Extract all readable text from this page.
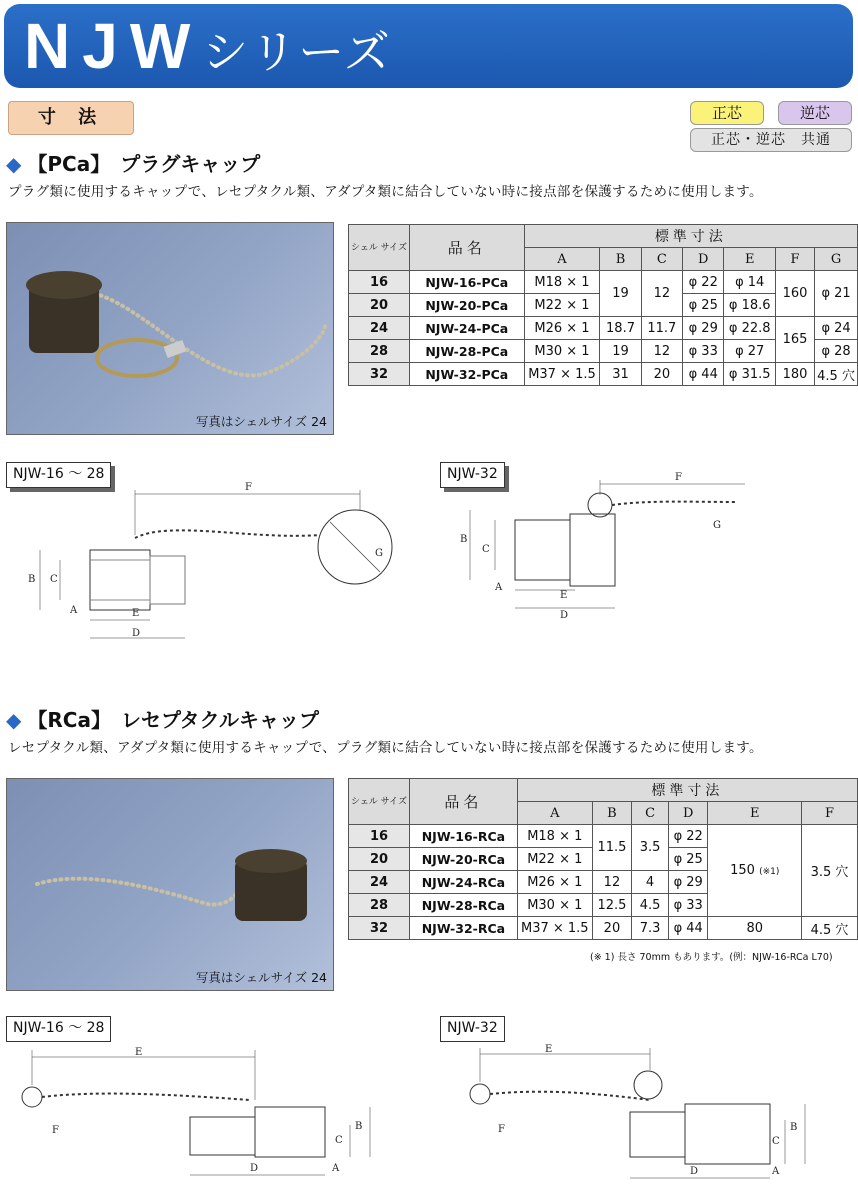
NJWシリーズ
寸 法	正芯	逆芯
正芯・逆芯　共通
◆ 【PCa】　プラグキャップ
プラグ類に使用するキャップで、レセプタクル類、アダプタ類に結合していない時に接点部を保護するために使用します。
写真はシェルサイズ 24
シェル サイズ	品名	標準寸法						
		A	B	C	D	E	F	G
16	NJW-16-PCa	M18 × 1	19	12	φ 22	φ 14	160	φ 21
20	NJW-20-PCa	M22 × 1			φ 25	φ 18.6		
24	NJW-24-PCa	M26 × 1	18.7	11.7	φ 29	φ 22.8	165	φ 24
28	NJW-28-PCa	M30 × 1	19	12	φ 33	φ 27		φ 28
32	NJW-32-PCa	M37 × 1.5	31	20	φ 44	φ 31.5	180	4.5 穴
NJW-16 ～ 28	NJW-32
F
B C
A	E
D
G
F
B
C
A
E
D
G
◆ 【RCa】　レセプタクルキャップ
レセプタクル類、アダプタ類に使用するキャップで、プラグ類に結合していない時に接点部を保護するために使用します。
写真はシェルサイズ 24
シェル サイズ	品名	標準寸法					
		A	B	C	D	E	F
16	NJW-16-RCa	M18 × 1	11.5	3.5	φ 22	150 (※1)	3.5 穴
20	NJW-20-RCa	M22 × 1			φ 25		
24	NJW-24-RCa	M26 × 1	12	4	φ 29		
28	NJW-28-RCa	M30 × 1	12.5	4.5	φ 33		
32	NJW-32-RCa	M37 × 1.5	20	7.3	φ 44	80	4.5 穴
(※ 1) 長さ 70mm もあります。(例：NJW-16-RCa L70)
NJW-16 ～ 28	NJW-32
E
F	B
C
D	A
E
F	B
C
D	A
